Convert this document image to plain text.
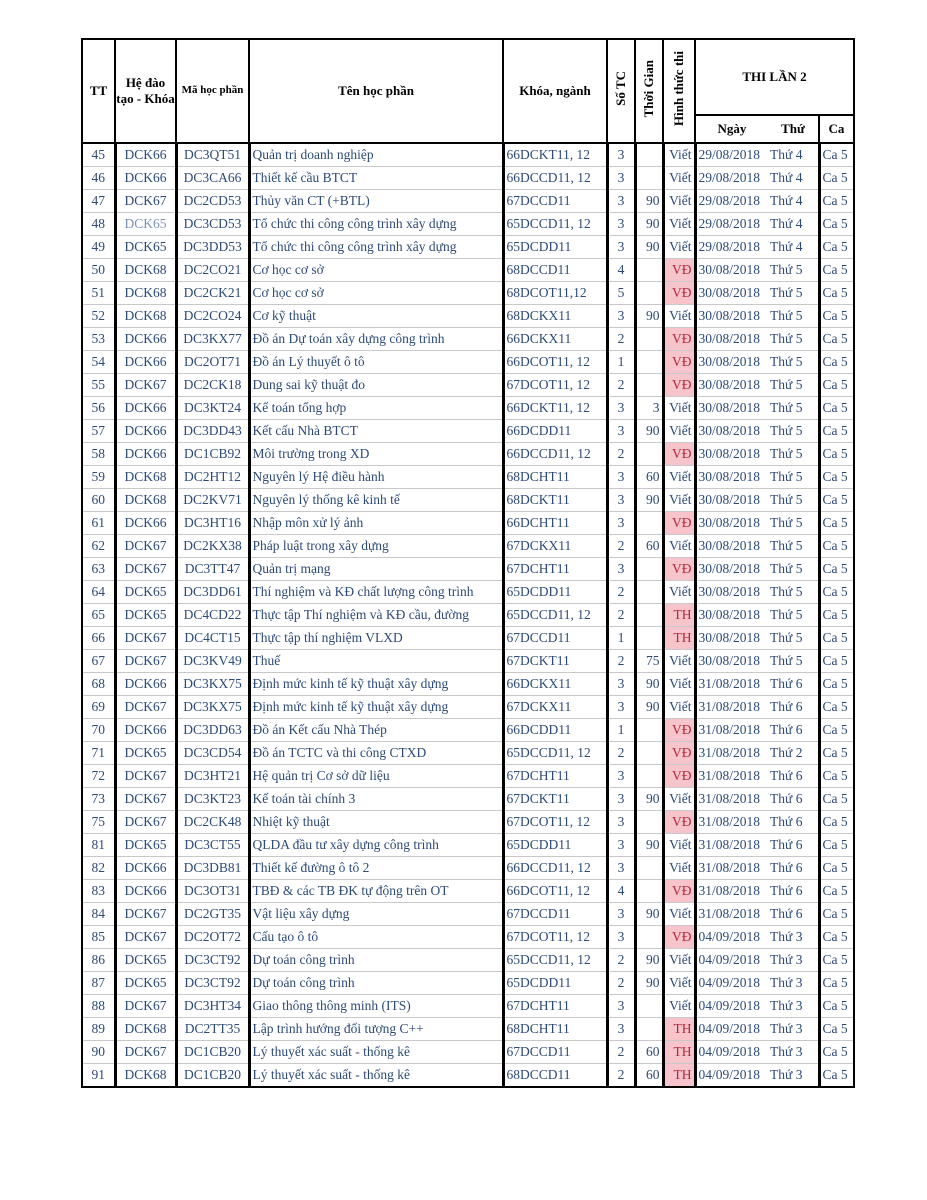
TT	Hệ đào tạo - Khóa	Mã học phần	Tên học phần	Khóa, ngành	Số TC	Thời Gian	Hình thức thi	THI LẦN 2		
								Ngày	Thứ	Ca
45	DCK66	DC3QT51	Quản trị doanh nghiệp	66DCKT11, 12	3		Viết	29/08/2018	Thứ 4	Ca 5
46	DCK66	DC3CA66	Thiết kế cầu BTCT	66DCCD11, 12	3		Viết	29/08/2018	Thứ 4	Ca 5
47	DCK67	DC2CD53	Thủy văn CT (+BTL)	67DCCD11	3	90	Viết	29/08/2018	Thứ 4	Ca 5
48	DCK65	DC3CD53	Tổ chức thi công công trình xây dựng	65DCCD11, 12	3	90	Viết	29/08/2018	Thứ 4	Ca 5
49	DCK65	DC3DD53	Tổ chức thi công công trình xây dựng	65DCDD11	3	90	Viết	29/08/2018	Thứ 4	Ca 5
50	DCK68	DC2CO21	Cơ học cơ sở	68DCCD11	4		VĐ	30/08/2018	Thứ 5	Ca 5
51	DCK68	DC2CK21	Cơ học cơ sở	68DCOT11,12	5		VĐ	30/08/2018	Thứ 5	Ca 5
52	DCK68	DC2CO24	Cơ kỹ thuật	68DCKX11	3	90	Viết	30/08/2018	Thứ 5	Ca 5
53	DCK66	DC3KX77	Đồ án Dự toán xây dựng công trình	66DCKX11	2		VĐ	30/08/2018	Thứ 5	Ca 5
54	DCK66	DC2OT71	Đồ án Lý thuyết ô tô	66DCOT11, 12	1		VĐ	30/08/2018	Thứ 5	Ca 5
55	DCK67	DC2CK18	Dung sai kỹ thuật đo	67DCOT11, 12	2		VĐ	30/08/2018	Thứ 5	Ca 5
56	DCK66	DC3KT24	Kế toán tổng hợp	66DCKT11, 12	3	3	Viết	30/08/2018	Thứ 5	Ca 5
57	DCK66	DC3DD43	Kết cấu Nhà BTCT	66DCDD11	3	90	Viết	30/08/2018	Thứ 5	Ca 5
58	DCK66	DC1CB92	Môi trường trong XD	66DCCD11, 12	2		VĐ	30/08/2018	Thứ 5	Ca 5
59	DCK68	DC2HT12	Nguyên lý Hệ điều hành	68DCHT11	3	60	Viết	30/08/2018	Thứ 5	Ca 5
60	DCK68	DC2KV71	Nguyên lý thống kê kinh tế	68DCKT11	3	90	Viết	30/08/2018	Thứ 5	Ca 5
61	DCK66	DC3HT16	Nhập môn xử lý ảnh	66DCHT11	3		VĐ	30/08/2018	Thứ 5	Ca 5
62	DCK67	DC2KX38	Pháp luật trong xây dựng	67DCKX11	2	60	Viết	30/08/2018	Thứ 5	Ca 5
63	DCK67	DC3TT47	Quản trị mạng	67DCHT11	3		VĐ	30/08/2018	Thứ 5	Ca 5
64	DCK65	DC3DD61	Thí nghiệm và KĐ chất lượng công trình	65DCDD11	2		Viết	30/08/2018	Thứ 5	Ca 5
65	DCK65	DC4CD22	Thực tập Thí nghiệm và KĐ cầu, đường	65DCCD11, 12	2		TH	30/08/2018	Thứ 5	Ca 5
66	DCK67	DC4CT15	Thực tập thí nghiệm VLXD	67DCCD11	1		TH	30/08/2018	Thứ 5	Ca 5
67	DCK67	DC3KV49	Thuế	67DCKT11	2	75	Viết	30/08/2018	Thứ 5	Ca 5
68	DCK66	DC3KX75	Định mức kinh tế kỹ thuật xây dựng	66DCKX11	3	90	Viết	31/08/2018	Thứ 6	Ca 5
69	DCK67	DC3KX75	Định mức kinh tế kỹ thuật xây dựng	67DCKX11	3	90	Viết	31/08/2018	Thứ 6	Ca 5
70	DCK66	DC3DD63	Đồ án Kết cấu Nhà Thép	66DCDD11	1		VĐ	31/08/2018	Thứ 6	Ca 5
71	DCK65	DC3CD54	Đồ án TCTC và thi công CTXD	65DCCD11, 12	2		VĐ	31/08/2018	Thứ 2	Ca 5
72	DCK67	DC3HT21	Hệ quản trị Cơ sở dữ liệu	67DCHT11	3		VĐ	31/08/2018	Thứ 6	Ca 5
73	DCK67	DC3KT23	Kế toán tài chính 3	67DCKT11	3	90	Viết	31/08/2018	Thứ 6	Ca 5
75	DCK67	DC2CK48	Nhiệt kỹ thuật	67DCOT11, 12	3		VĐ	31/08/2018	Thứ 6	Ca 5
81	DCK65	DC3CT55	QLDA đầu tư xây dựng công trình	65DCDD11	3	90	Viết	31/08/2018	Thứ 6	Ca 5
82	DCK66	DC3DB81	Thiết kế đường ô tô 2	66DCCD11, 12	3		Viết	31/08/2018	Thứ 6	Ca 5
83	DCK66	DC3OT31	TBĐ & các TB ĐK tự động trên OT	66DCOT11, 12	4		VĐ	31/08/2018	Thứ 6	Ca 5
84	DCK67	DC2GT35	Vật liệu xây dựng	67DCCD11	3	90	Viết	31/08/2018	Thứ 6	Ca 5
85	DCK67	DC2OT72	Cấu tạo ô tô	67DCOT11, 12	3		VĐ	04/09/2018	Thứ 3	Ca 5
86	DCK65	DC3CT92	Dự toán công trình	65DCCD11, 12	2	90	Viết	04/09/2018	Thứ 3	Ca 5
87	DCK65	DC3CT92	Dự toán công trình	65DCDD11	2	90	Viết	04/09/2018	Thứ 3	Ca 5
88	DCK67	DC3HT34	Giao thông thông minh (ITS)	67DCHT11	3		Viết	04/09/2018	Thứ 3	Ca 5
89	DCK68	DC2TT35	Lập trình hướng đối tượng C++	68DCHT11	3		TH	04/09/2018	Thứ 3	Ca 5
90	DCK67	DC1CB20	Lý thuyết xác suất - thống kê	67DCCD11	2	60	TH	04/09/2018	Thứ 3	Ca 5
91	DCK68	DC1CB20	Lý thuyết xác suất - thống kê	68DCCD11	2	60	TH	04/09/2018	Thứ 3	Ca 5
